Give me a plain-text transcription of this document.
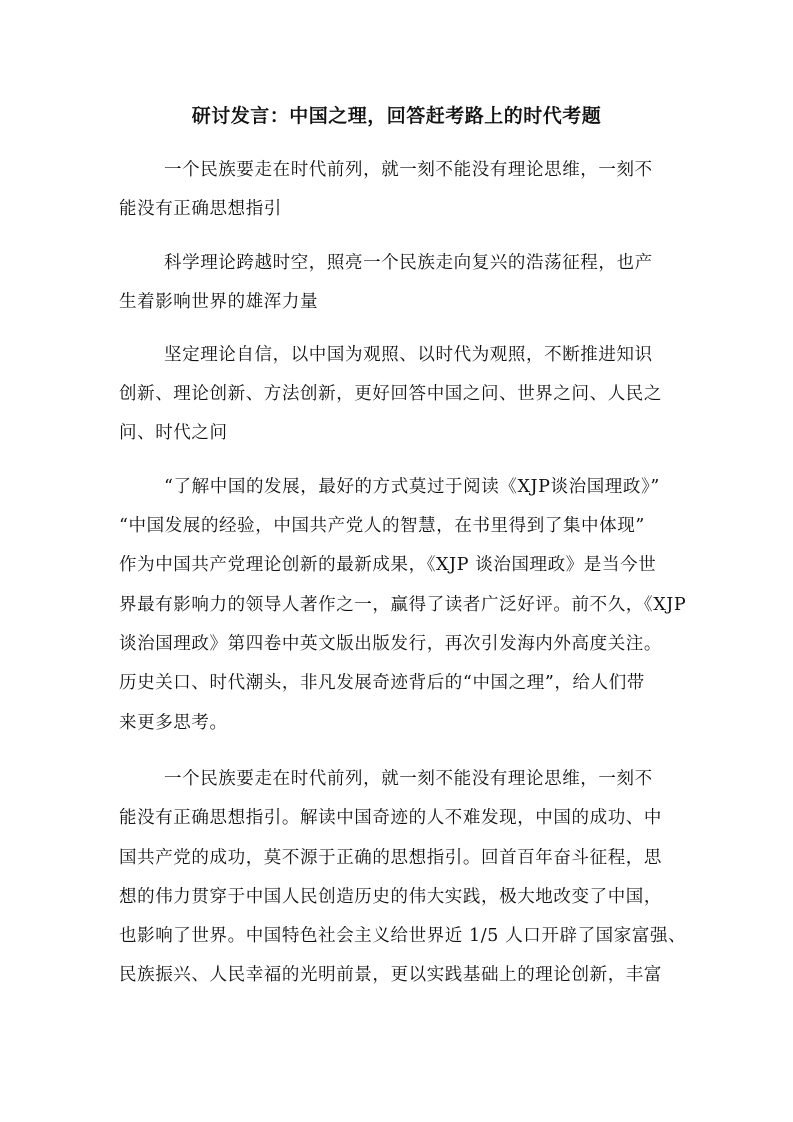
研讨发言：中国之理，回答赶考路上的时代考题
一个民族要走在时代前列，就一刻不能没有理论思维，一刻不
能没有正确思想指引
科学理论跨越时空，照亮一个民族走向复兴的浩荡征程，也产
生着影响世界的雄浑力量
坚定理论自信，以中国为观照、以时代为观照，不断推进知识
创新、理论创新、方法创新，更好回答中国之问、世界之问、人民之
问、时代之问
“了解中国的发展，最好的方式莫过于阅读《XJP谈治国理政》”
“中国发展的经验，中国共产党人的智慧，在书里得到了集中体现”
作为中国共产党理论创新的最新成果，《XJP 谈治国理政》是当今世
界最有影响力的领导人著作之一，赢得了读者广泛好评。前不久，《XJP
谈治国理政》第四卷中英文版出版发行，再次引发海内外高度关注。
历史关口、时代潮头，非凡发展奇迹背后的“中国之理”，给人们带
来更多思考。
一个民族要走在时代前列，就一刻不能没有理论思维，一刻不
能没有正确思想指引。解读中国奇迹的人不难发现，中国的成功、中
国共产党的成功，莫不源于正确的思想指引。回首百年奋斗征程，思
想的伟力贯穿于中国人民创造历史的伟大实践，极大地改变了中国，
也影响了世界。中国特色社会主义给世界近 1/5 人口开辟了国家富强、
民族振兴、人民幸福的光明前景，更以实践基础上的理论创新，丰富
